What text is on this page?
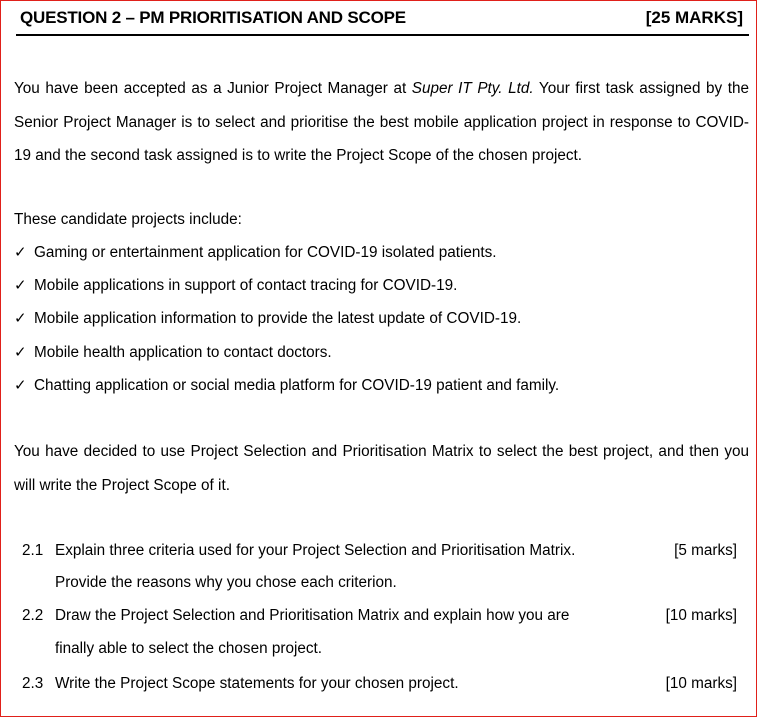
QUESTION 2 – PM PRIORITISATION AND SCOPE	[25 MARKS]

You have been accepted as a Junior Project Manager at Super IT Pty. Ltd. Your first task assigned by the Senior Project Manager is to select and prioritise the best mobile application project in response to COVID-19 and the second task assigned is to write the Project Scope of the chosen project.

These candidate projects include:

✓ Gaming or entertainment application for COVID-19 isolated patients.
✓ Mobile applications in support of contact tracing for COVID-19.
✓ Mobile application information to provide the latest update of COVID-19.
✓ Mobile health application to contact doctors.
✓ Chatting application or social media platform for COVID-19 patient and family.

You have decided to use Project Selection and Prioritisation Matrix to select the best project, and then you will write the Project Scope of it.

2.1 Explain three criteria used for your Project Selection and Prioritisation Matrix.	[5 marks]
Provide the reasons why you chose each criterion.
2.2 Draw the Project Selection and Prioritisation Matrix and explain how you are	[10 marks]
finally able to select the chosen project.
2.3 Write the Project Scope statements for your chosen project.	[10 marks]
